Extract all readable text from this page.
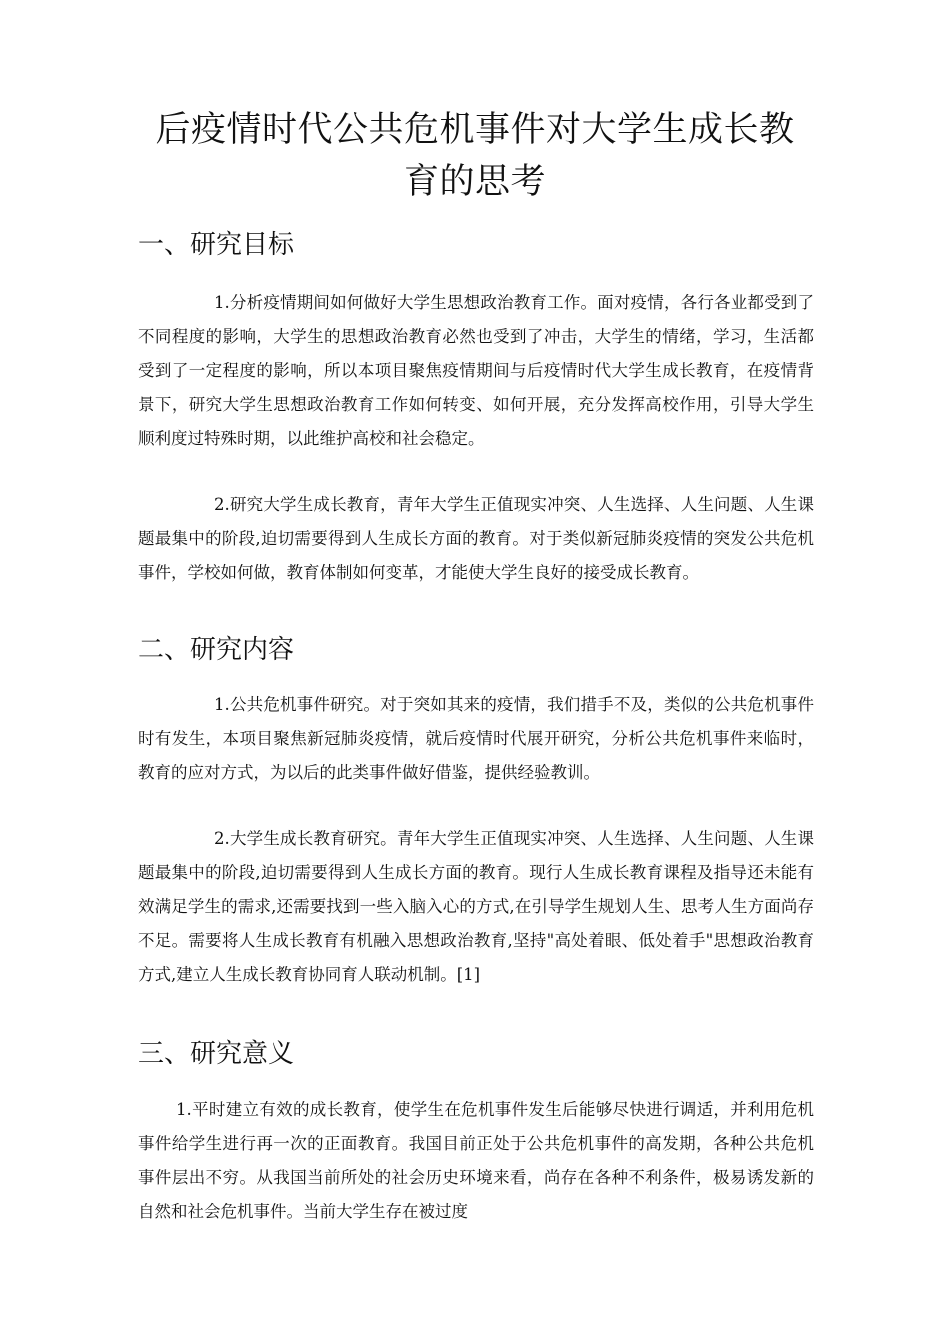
后疫情时代公共危机事件对大学生成长教
育的思考
一、研究目标

1.分析疫情期间如何做好大学生思想政治教育工作。面对疫情，各行各业都受到了不同程度的影响，大学生的思想政治教育必然也受到了冲击，大学生的情绪，学习，生活都受到了一定程度的影响，所以本项目聚焦疫情期间与后疫情时代大学生成长教育，在疫情背景下，研究大学生思想政治教育工作如何转变、如何开展，充分发挥高校作用，引导大学生顺利度过特殊时期，以此维护高校和社会稳定。

2.研究大学生成长教育，青年大学生正值现实冲突、人生选择、人生问题、人生课题最集中的阶段,迫切需要得到人生成长方面的教育。对于类似新冠肺炎疫情的突发公共危机事件，学校如何做，教育体制如何变革，才能使大学生良好的接受成长教育。

二、研究内容

1.公共危机事件研究。对于突如其来的疫情，我们措手不及，类似的公共危机事件时有发生，本项目聚焦新冠肺炎疫情，就后疫情时代展开研究，分析公共危机事件来临时，教育的应对方式，为以后的此类事件做好借鉴，提供经验教训。

2.大学生成长教育研究。青年大学生正值现实冲突、人生选择、人生问题、人生课题最集中的阶段,迫切需要得到人生成长方面的教育。现行人生成长教育课程及指导还未能有效满足学生的需求,还需要找到一些入脑入心的方式,在引导学生规划人生、思考人生方面尚存不足。需要将人生成长教育有机融入思想政治教育,坚持"高处着眼、低处着手"思想政治教育方式,建立人生成长教育协同育人联动机制。[1]

三、研究意义

1.平时建立有效的成长教育，使学生在危机事件发生后能够尽快进行调适，并利用危机事件给学生进行再一次的正面教育。我国目前正处于公共危机事件的高发期，各种公共危机事件层出不穷。从我国当前所处的社会历史环境来看，尚存在各种不利条件，极易诱发新的自然和社会危机事件。当前大学生存在被过度
